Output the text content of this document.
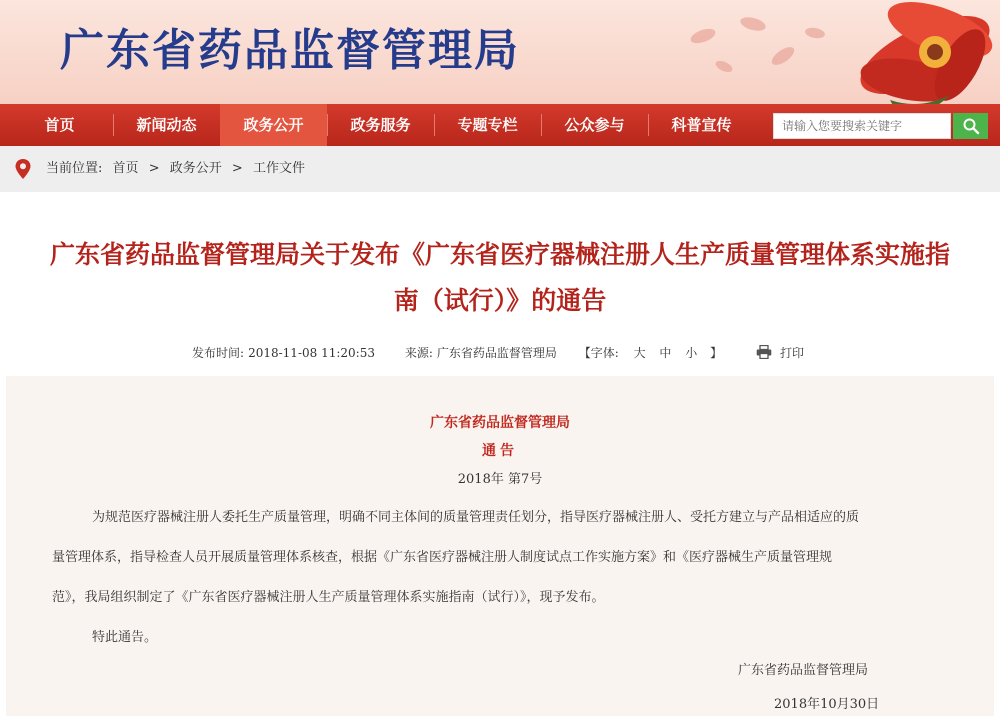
广东省药品监督管理局
首页	新闻动态	政务公开	政务服务	专题专栏	公众参与	科普宣传
请输入您要搜索关键字
当前位置: 首页 > 政务公开 > 工作文件
广东省药品监督管理局关于发布《广东省医疗器械注册人生产质量管理体系实施指
南（试行）》的通告
发布时间: 2018-11-08 11:20:53 来源: 广东省药品监督管理局 【字体: 大 中 小 】	打印
广东省药品监督管理局
通告
2018年 第7号
为规范医疗器械注册人委托生产质量管理，明确不同主体间的质量管理责任划分，指导医疗器械注册人、受托方建立与产品相适应的质
量管理体系，指导检查人员开展质量管理体系核查，根据《广东省医疗器械注册人制度试点工作实施方案》和《医疗器械生产质量管理规
范》，我局组织制定了《广东省医疗器械注册人生产质量管理体系实施指南（试行）》，现予发布。
特此通告。
广东省药品监督管理局
2018年10月30日
